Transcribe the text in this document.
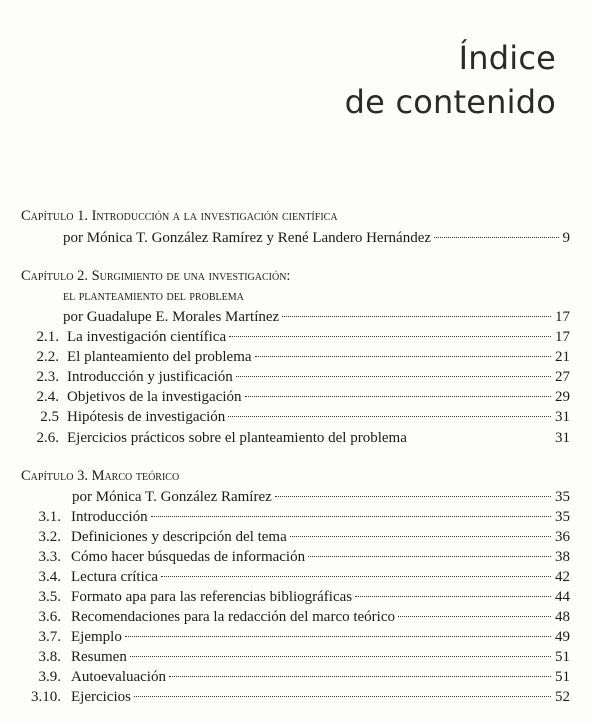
Índice
de contenido
Capítulo 1. Introducción a la investigación científica
por Mónica T. González Ramírez y René Landero Hernández	9
Capítulo 2. Surgimiento de una investigación:
el planteamiento del problema
por Guadalupe E. Morales Martínez	17
2.1. La investigación científica	17
2.2. El planteamiento del problema	21
2.3. Introducción y justificación	27
2.4. Objetivos de la investigación	29
2.5 Hipótesis de investigación	31
2.6. Ejercicios prácticos sobre el planteamiento del problema	31
Capítulo 3. Marco teórico
por Mónica T. González Ramírez	35
3.1. Introducción	35
3.2. Definiciones y descripción del tema	36
3.3. Cómo hacer búsquedas de información	38
3.4. Lectura crítica	42
3.5. Formato apa para las referencias bibliográficas	44
3.6. Recomendaciones para la redacción del marco teórico	48
3.7. Ejemplo	49
3.8. Resumen	51
3.9. Autoevaluación	51
3.10. Ejercicios	52
